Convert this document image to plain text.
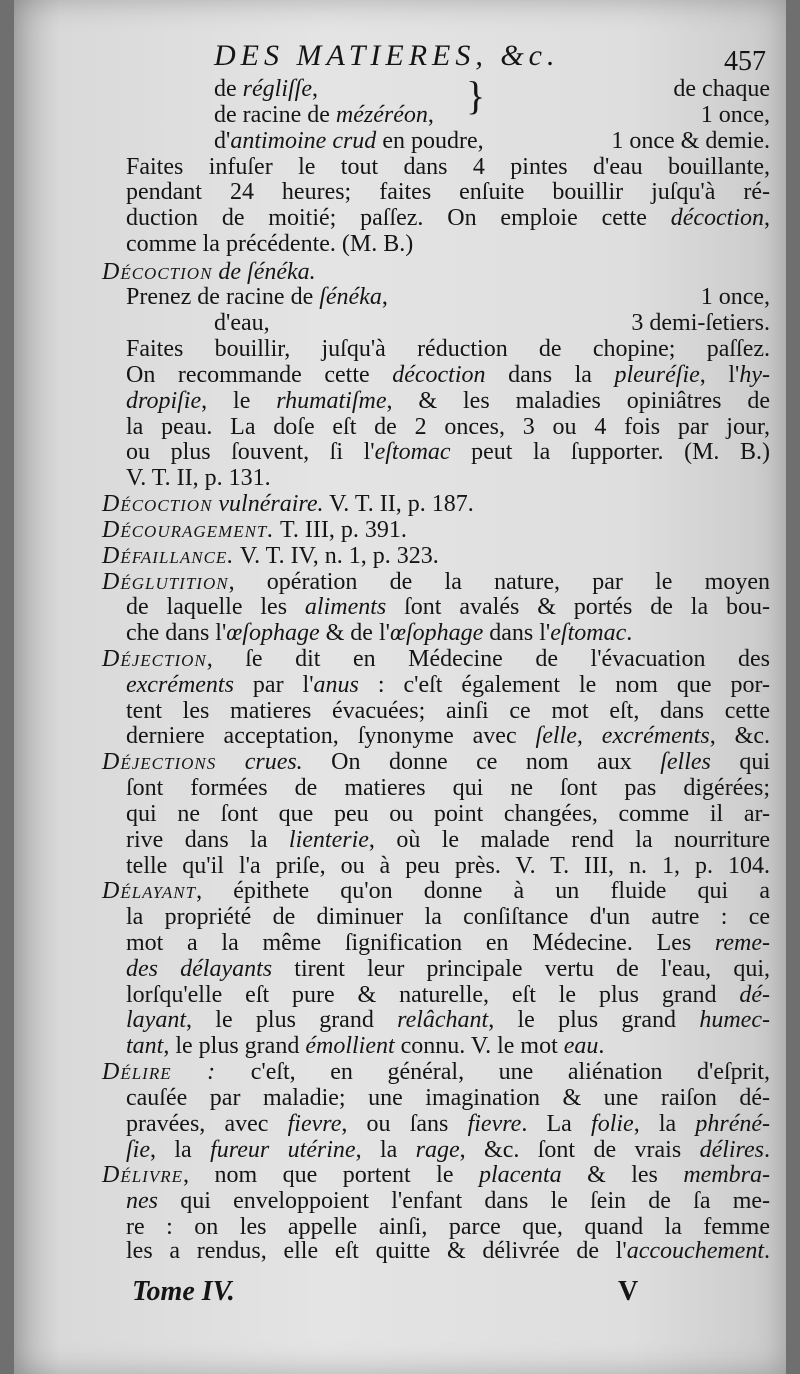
DES MATIERES, &c.	457
de régliſſe,	de chaque
}
de racine de mézéréon,	1 once,
d'antimoine crud en poudre,	1 once & demie.
Faites infuſer le tout dans 4 pintes d'eau bouillante,
pendant 24 heures; faites enſuite bouillir juſqu'à ré-
duction de moitié; paſſez. On emploie cette décoction,
comme la précédente. (M. B.)
Décoction de ſénéka.
Prenez de racine de ſénéka,	1 once,
d'eau,	3 demi-ſetiers.
Faites bouillir, juſqu'à réduction de chopine; paſſez.
On recommande cette décoction dans la pleuréſie, l'hy-
dropiſie, le rhumatiſme, & les maladies opiniâtres de
la peau. La doſe eſt de 2 onces, 3 ou 4 fois par jour,
ou plus ſouvent, ſi l'eſtomac peut la ſupporter. (M. B.)
V. T. II, p. 131.
Décoction vulnéraire. V. T. II, p. 187.
Découragement. T. III, p. 391.
Défaillance. V. T. IV, n. 1, p. 323.
Déglutition, opération de la nature, par le moyen
de laquelle les aliments ſont avalés & portés de la bou-
che dans l'œſophage & de l'œſophage dans l'eſtomac.
Déjection, ſe dit en Médecine de l'évacuation des
excréments par l'anus : c'eſt également le nom que por-
tent les matieres évacuées; ainſi ce mot eſt, dans cette
derniere acceptation, ſynonyme avec ſelle, excréments, &c.
Déjections crues. On donne ce nom aux ſelles qui
ſont formées de matieres qui ne ſont pas digérées;
qui ne ſont que peu ou point changées, comme il ar-
rive dans la lienterie, où le malade rend la nourriture
telle qu'il l'a priſe, ou à peu près. V. T. III, n. 1, p. 104.
Délayant, épithete qu'on donne à un fluide qui a
la propriété de diminuer la conſiſtance d'un autre : ce
mot a la même ſignification en Médecine. Les reme-
des délayants tirent leur principale vertu de l'eau, qui,
lorſqu'elle eſt pure & naturelle, eſt le plus grand dé-
layant, le plus grand relâchant, le plus grand humec-
tant, le plus grand émollient connu. V. le mot eau.
Délire : c'eſt, en général, une aliénation d'eſprit,
cauſée par maladie; une imagination & une raiſon dé-
pravées, avec fievre, ou ſans fievre. La folie, la phréné-
ſie, la fureur utérine, la rage, &c. ſont de vrais délires.
Délivre, nom que portent le placenta & les membra-
nes qui enveloppoient l'enfant dans le ſein de ſa me-
re : on les appelle ainſi, parce que, quand la femme
les a rendus, elle eſt quitte & délivrée de l'accouchement.
Tome IV.	V
